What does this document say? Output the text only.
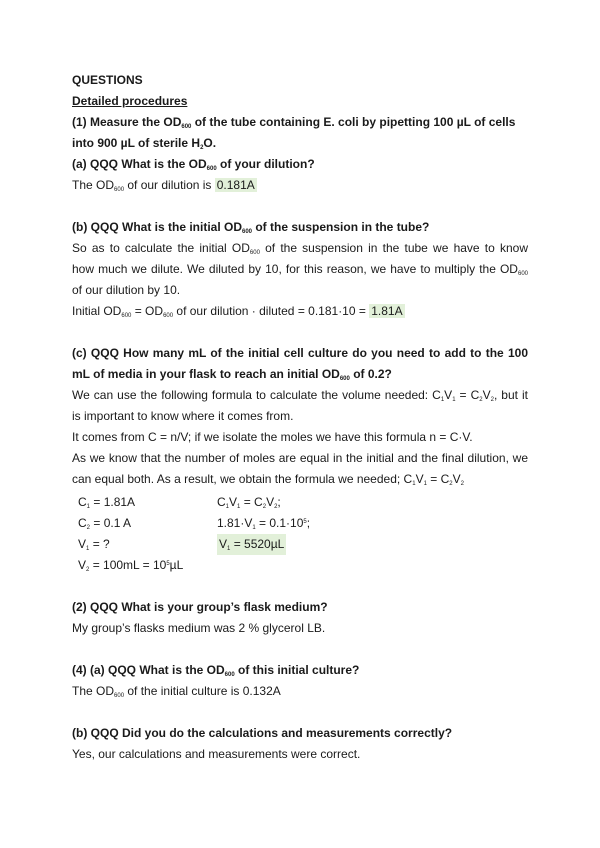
QUESTIONS
Detailed procedures
(1) Measure the $OD_{600}$ of the tube containing E. coli by pipetting 100 µL of cells
into 900 µL of sterile $H_2O$.
(a) QQQ What is the $OD_{600}$ of your dilution?
The $OD_{600}$ of our dilution is 0.181A
(b) QQQ What is the initial $OD_{600}$ of the suspension in the tube?
So as to calculate the initial $OD_{600}$ of the suspension in the tube we have to know
how much we dilute. We diluted by 10, for this reason, we have to multiply the $OD_{600}$
of our dilution by 10.
Initial $OD_{600} = OD_{600}$ of our dilution · diluted = 0.181·10 = 1.81A
(c) QQQ How many mL of the initial cell culture do you need to add to the 100
mL of media in your flask to reach an initial $OD_{600}$ of 0.2?
We can use the following formula to calculate the volume needed: $C_1V_1 = C_2V_2$, but it
is important to know where it comes from.
It comes from C = n/V; if we isolate the moles we have this formula n = C·V.
As we know that the number of moles are equal in the initial and the final dilution, we
can equal both. As a result, we obtain the formula we needed; $C_1V_1 = C_2V_2$
$C_1 = 1.81A$	$C_1V_1 = C_2V_2$;
$C_2 = 0.1$ A	$1.81\cdot V_1 = 0.1\cdot 10^5$;
$V_1$ = ?	$V_1 = 5520\mu L$
$V_2 = 100mL = 10^5\mu L$
(2) QQQ What is your group’s flask medium?
My group’s flasks medium was 2 % glycerol LB.
(4) (a) QQQ What is the $OD_{600}$ of this initial culture?
The $OD_{600}$ of the initial culture is 0.132A
(b) QQQ Did you do the calculations and measurements correctly?
Yes, our calculations and measurements were correct.
